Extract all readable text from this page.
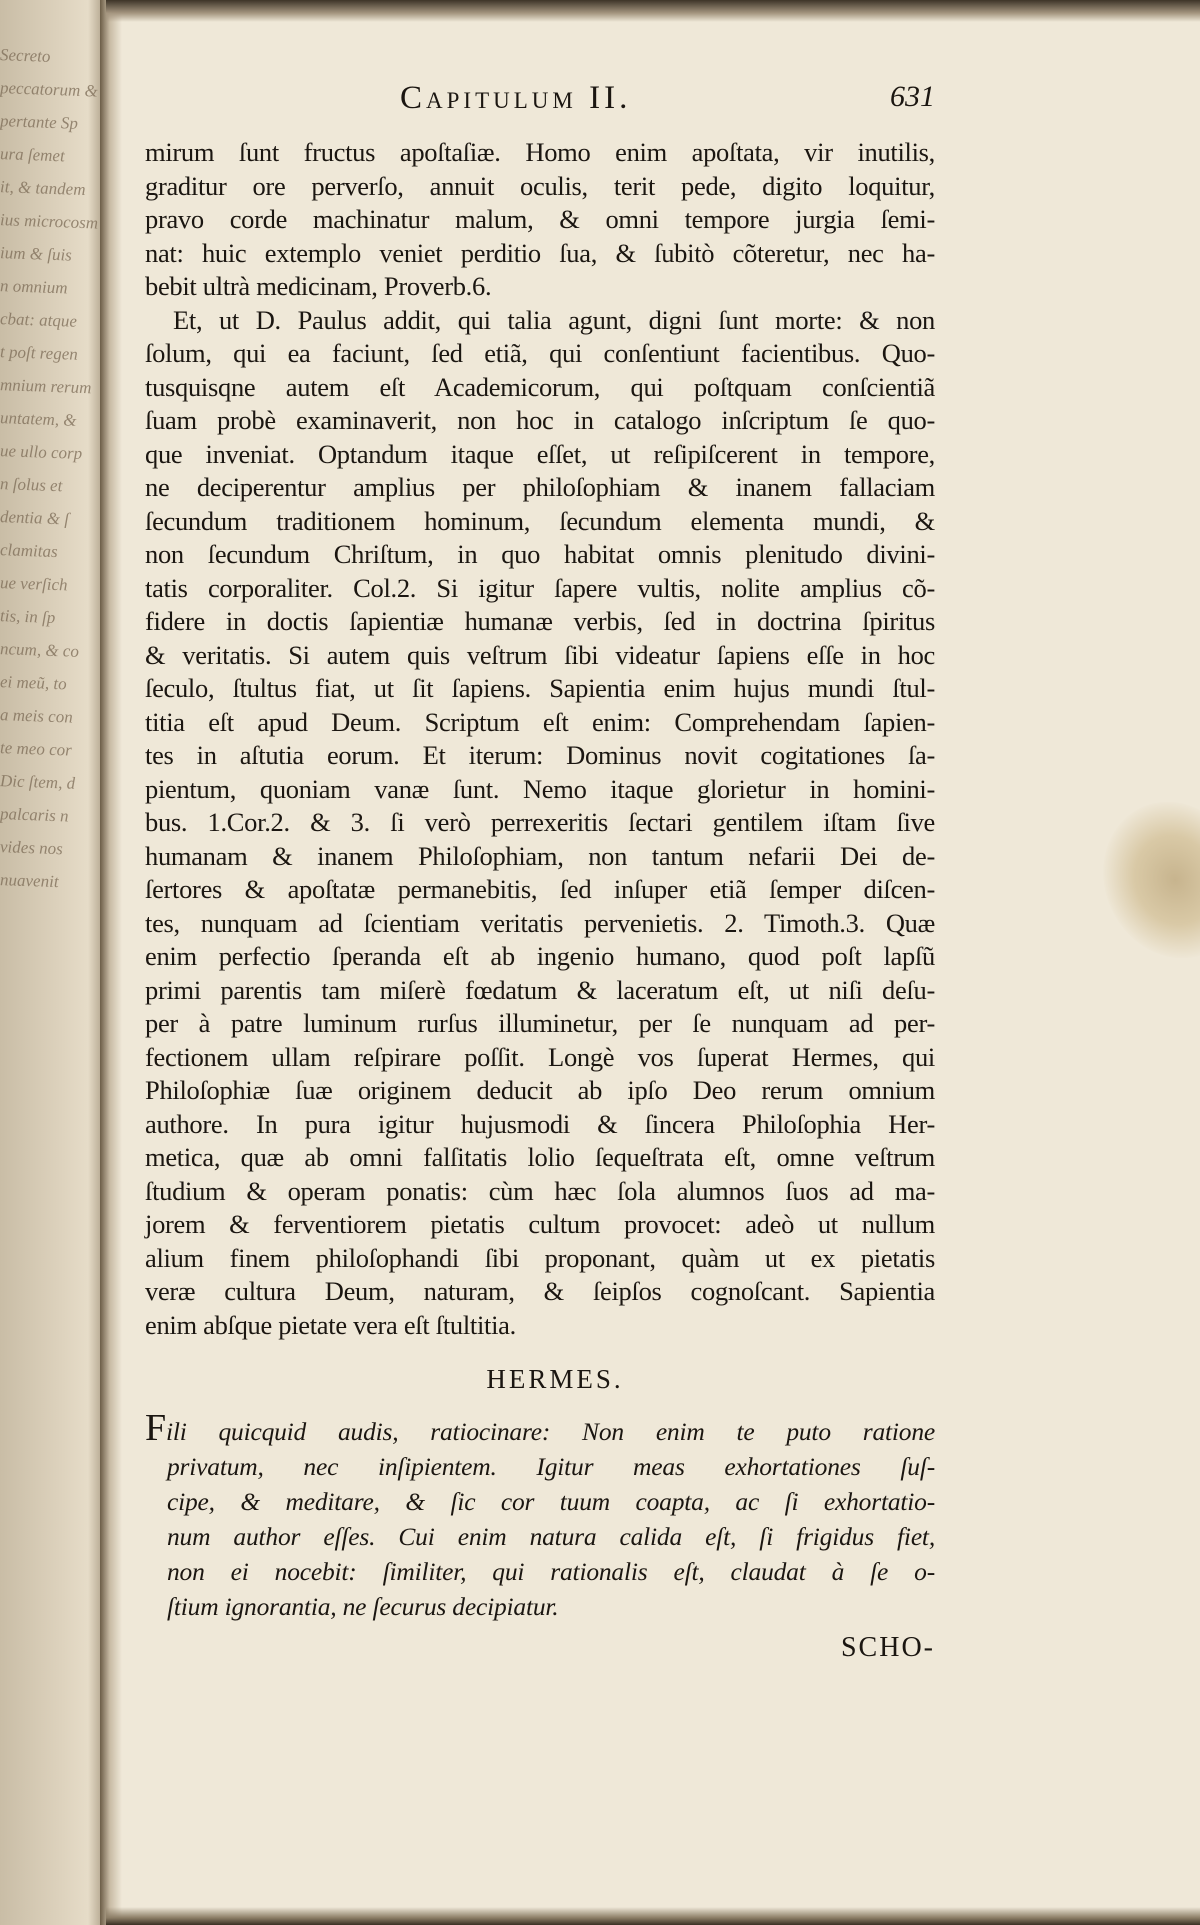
Secreto
peccatorum &
pertante Sp
ura ſemet
it, & tandem
ius microcosm
ium & ſuis
n omnium
cbat: atque
t poſt regen
mnium rerum
untatem, &
ue ullo corp
n ſolus et
dentia & ſ
clamitas
ue verſich
tis, in ſp
ncum, & co
ei meũ, to
a meis con
te meo cor
Dic ſtem, d
palcaris n
vides nos
nuavenit
Capitulum II.	631
mirum ſunt fructus apoſtaſiæ. Homo enim apoſtata, vir inutilis,
graditur ore perverſo, annuit oculis, terit pede, digito loquitur,
pravo corde machinatur malum, & omni tempore jurgia ſemi-
nat: huic extemplo veniet perditio ſua, & ſubitò cõteretur, nec ha-
bebit ultrà medicinam, Proverb.6.
Et, ut D. Paulus addit, qui talia agunt, digni ſunt morte: & non
ſolum, qui ea faciunt, ſed etiã, qui conſentiunt facientibus. Quo-
tusquisqne autem eſt Academicorum, qui poſtquam conſcientiã
ſuam probè examinaverit, non hoc in catalogo inſcriptum ſe quo-
que inveniat. Optandum itaque eſſet, ut reſipiſcerent in tempore,
ne deciperentur amplius per philoſophiam & inanem fallaciam
ſecundum traditionem hominum, ſecundum elementa mundi, &
non ſecundum Chriſtum, in quo habitat omnis plenitudo divini-
tatis corporaliter. Col.2. Si igitur ſapere vultis, nolite amplius cõ-
fidere in doctis ſapientiæ humanæ verbis, ſed in doctrina ſpiritus
& veritatis. Si autem quis veſtrum ſibi videatur ſapiens eſſe in hoc
ſeculo, ſtultus fiat, ut ſit ſapiens. Sapientia enim hujus mundi ſtul-
titia eſt apud Deum. Scriptum eſt enim: Comprehendam ſapien-
tes in aſtutia eorum. Et iterum: Dominus novit cogitationes ſa-
pientum, quoniam vanæ ſunt. Nemo itaque glorietur in homini-
bus. 1.Cor.2. & 3. ſi verò perrexeritis ſectari gentilem iſtam ſive
humanam & inanem Philoſophiam, non tantum nefarii Dei de-
ſertores & apoſtatæ permanebitis, ſed inſuper etiã ſemper diſcen-
tes, nunquam ad ſcientiam veritatis pervenietis. 2. Timoth.3. Quæ
enim perfectio ſperanda eſt ab ingenio humano, quod poſt lapſũ
primi parentis tam miſerè fœdatum & laceratum eſt, ut niſi deſu-
per à patre luminum rurſus illuminetur, per ſe nunquam ad per-
fectionem ullam reſpirare poſſit. Longè vos ſuperat Hermes, qui
Philoſophiæ ſuæ originem deducit ab ipſo Deo rerum omnium
authore. In pura igitur hujusmodi & ſincera Philoſophia Her-
metica, quæ ab omni falſitatis lolio ſequeſtrata eſt, omne veſtrum
ſtudium & operam ponatis: cùm hæc ſola alumnos ſuos ad ma-
jorem & ferventiorem pietatis cultum provocet: adeò ut nullum
alium finem philoſophandi ſibi proponant, quàm ut ex pietatis
veræ cultura Deum, naturam, & ſeipſos cognoſcant. Sapientia
enim abſque pietate vera eſt ſtultitia.
HERMES.
Fili quicquid audis, ratiocinare: Non enim te puto ratione
privatum, nec inſipientem. Igitur meas exhortationes ſuſ-
cipe, & meditare, & ſic cor tuum coapta, ac ſi exhortatio-
num author eſſes. Cui enim natura calida eſt, ſi frigidus fiet,
non ei nocebit: ſimiliter, qui rationalis eſt, claudat à ſe o-
ſtium ignorantia, ne ſecurus decipiatur.
SCHO-
